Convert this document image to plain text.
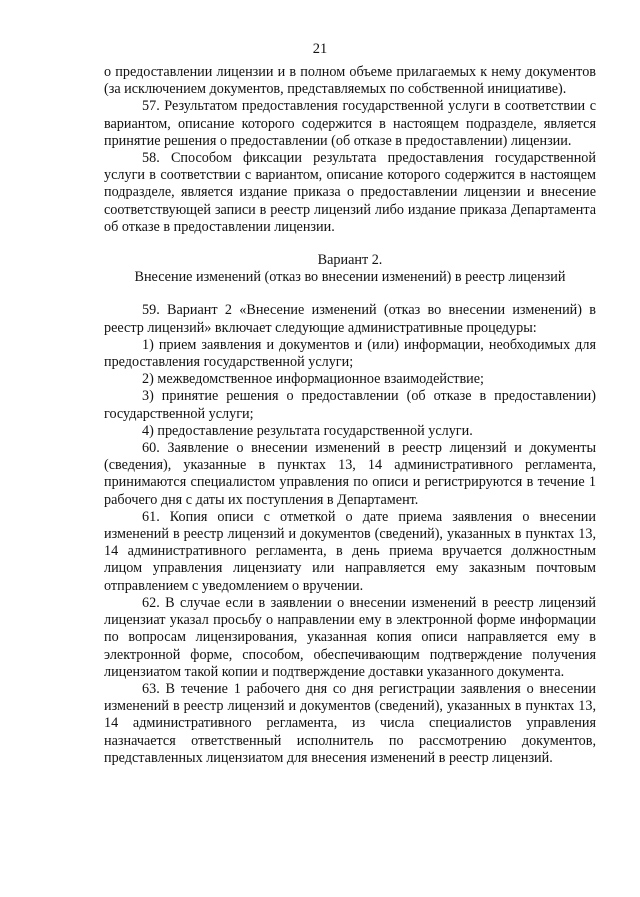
21

о предоставлении лицензии и в полном объеме прилагаемых к нему документов (за исключением документов, представляемых по собственной инициативе).

57. Результатом предоставления государственной услуги в соответствии с вариантом, описание которого содержится в настоящем подразделе, является принятие решения о предоставлении (об отказе в предоставлении) лицензии.

58. Способом фиксации результата предоставления государственной услуги в соответствии с вариантом, описание которого содержится в настоящем подразделе, является издание приказа о предоставлении лицензии и внесение соответствующей записи в реестр лицензий либо издание приказа Департамента об отказе в предоставлении лицензии.

Вариант 2.

Внесение изменений (отказ во внесении изменений) в реестр лицензий

59. Вариант 2 «Внесение изменений (отказ во внесении изменений) в реестр лицензий» включает следующие административные процедуры:

1) прием заявления и документов и (или) информации, необходимых для предоставления государственной услуги;

2) межведомственное информационное взаимодействие;

3) принятие решения о предоставлении (об отказе в предоставлении) государственной услуги;

4) предоставление результата государственной услуги.

60. Заявление о внесении изменений в реестр лицензий и документы (сведения), указанные в пунктах 13, 14 административного регламента, принимаются специалистом управления по описи и регистрируются в течение 1 рабочего дня с даты их поступления в Департамент.

61. Копия описи с отметкой о дате приема заявления о внесении изменений в реестр лицензий и документов (сведений), указанных в пунктах 13, 14 административного регламента, в день приема вручается должностным лицом управления лицензиату или направляется ему заказным почтовым отправлением с уведомлением о вручении.

62. В случае если в заявлении о внесении изменений в реестр лицензий лицензиат указал просьбу о направлении ему в электронной форме информации по вопросам лицензирования, указанная копия описи направляется ему в электронной форме, способом, обеспечивающим подтверждение получения лицензиатом такой копии и подтверждение доставки указанного документа.

63. В течение 1 рабочего дня со дня регистрации заявления о внесении изменений в реестр лицензий и документов (сведений), указанных в пунктах 13, 14 административного регламента, из числа специалистов управления назначается ответственный исполнитель по рассмотрению документов, представленных лицензиатом для внесения изменений в реестр лицензий.
